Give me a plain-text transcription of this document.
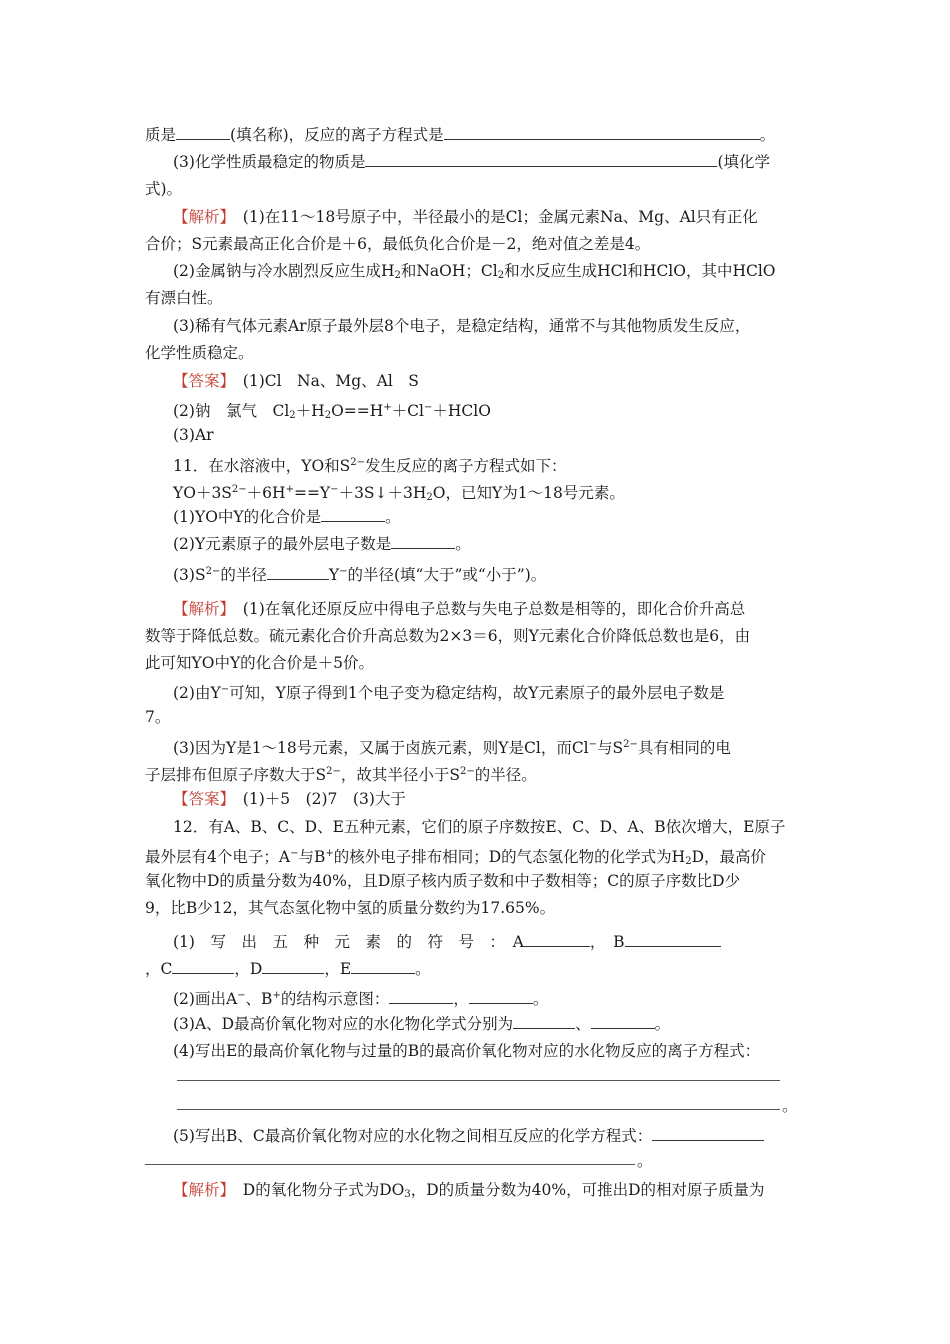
质是	(填名称)，反应的离子方程式是	。
(3)化学性质最稳定的物质是	(填化学
式)。
【解析】　 (1)在11～18号原子中，半径最小的是Cl；金属元素Na、Mg、Al只有正化
合价；S元素最高正化合价是＋6，最低负化合价是－2，绝对值之差是4。
(2)金属钠与冷水剧烈反应生成$H_2$和NaOH；$Cl_2$和水反应生成HCl和HClO，其中HClO
有漂白性。
(3)稀有气体元素Ar原子最外层8个电子，是稳定结构，通常不与其他物质发生反应，
化学性质稳定。
【答案】　 (1)Cl　Na、Mg、Al　S
(2)钠　氯气　$Cl_2+H_2O==H^++Cl^-+HClO$
(3)Ar
11．在水溶液中，YO和$S^{2-}$发生反应的离子方程式如下：
$YO+3S^{2-}+6H^+==Y^-+3S↓+3H_2O$，已知Y为1～18号元素。
(1)YO中Y的化合价是	。
(2)Y元素原子的最外层电子数是	。
$(3)S^{2-}$的半径	Y−的半径(填“大于”或“小于”)。
【解析】　 (1)在氧化还原反应中得电子总数与失电子总数是相等的，即化合价升高总
数等于降低总数。硫元素化合价升高总数为2×3＝6，则Y元素化合价降低总数也是6，由
此可知YO中Y的化合价是＋5价。
(2)由Y−可知，Y原子得到1个电子变为稳定结构，故Y元素原子的最外层电子数是
7。
(3)因为Y是1～18号元素，又属于卤族元素，则Y是Cl，而Cl−与$S^{2-}$具有相同的电
子层排布但原子序数大于$S^{2-}$，故其半径小于$S^{2-}$的半径。
【答案】　 (1)＋5　(2)7　(3)大于
12．有A、B、C、D、E五种元素，它们的原子序数按E、C、D、A、B依次增大，E原子
最外层有4个电子；A−与B+的核外电子排布相同；D的气态氢化物的化学式为$H_2D$，最高价
氧化物中D的质量分数为40%，且D原子核内质子数和中子数相等；C的原子序数比D少
9，比B少12，其气态氢化物中氢的质量分数约为17.65%。
(1)　写　出　五　种　元　素　的　符　号　：　A	，　B
，C	，D	，E	。
(2)画出A−、B+的结构示意图：	，	。
(3)A、D最高价氧化物对应的水化物化学式分别为	、	。
(4)写出E的最高价氧化物与过量的B的最高价氧化物对应的水化物反应的离子方程式：
。
(5)写出B、C最高价氧化物对应的水化物之间相互反应的化学方程式：
。
【解析】　 D的氧化物分子式为$DO_3$，D的质量分数为40%，可推出D的相对原子质量为
